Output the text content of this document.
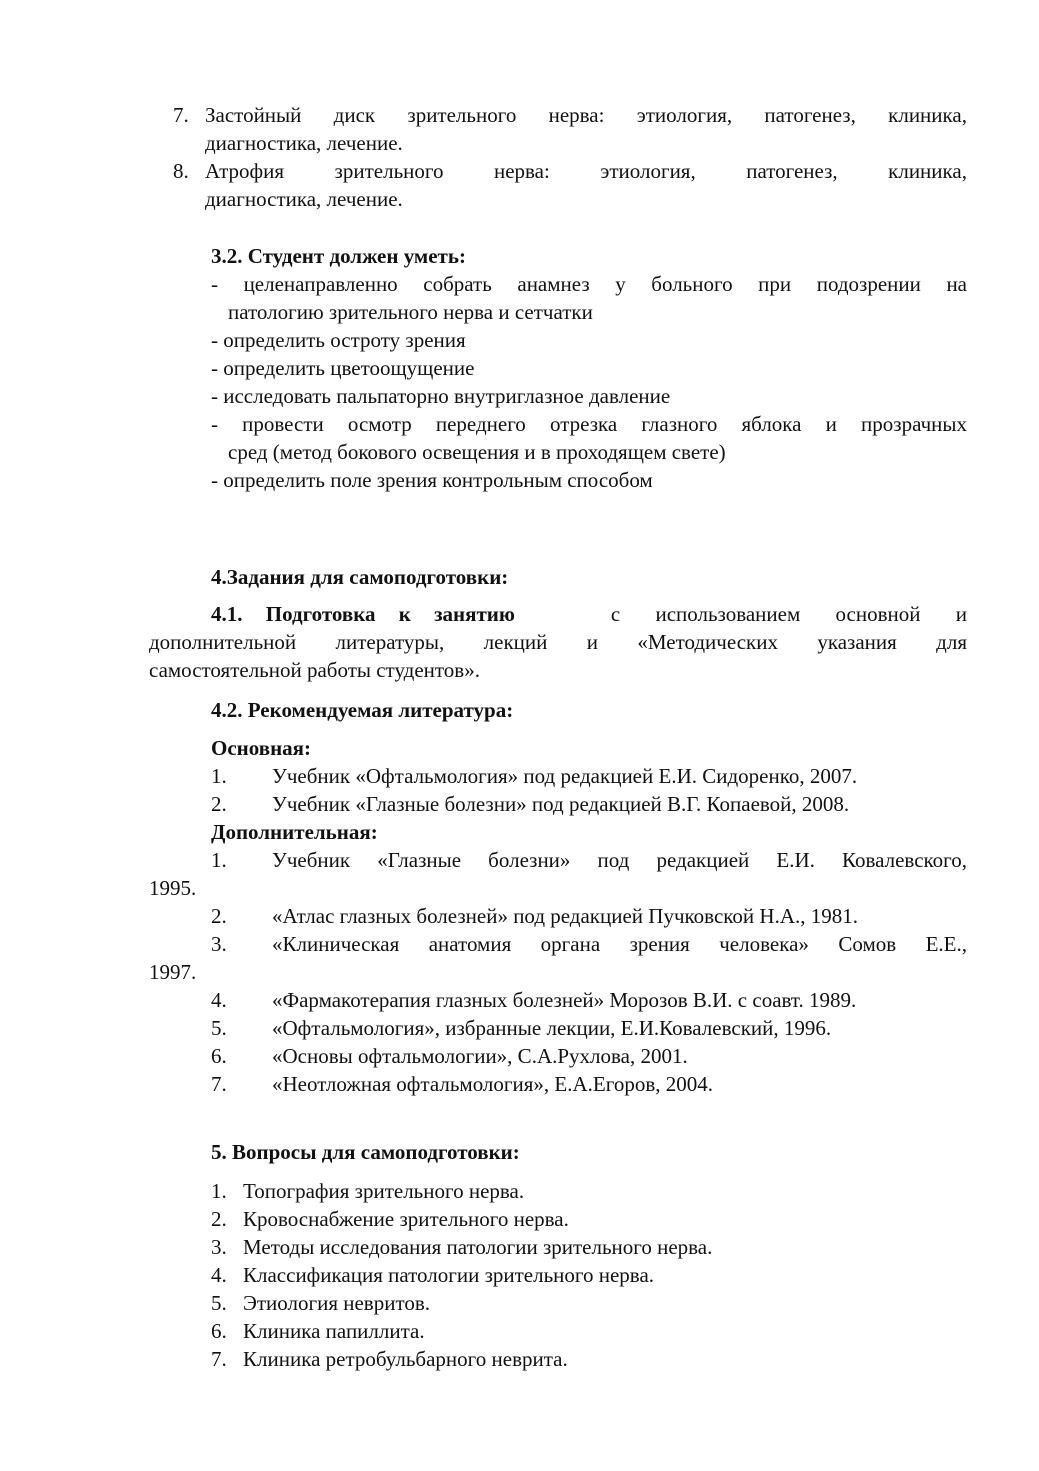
7. Застойный диск зрительного нерва: этиология, патогенез, клиника,
диагностика, лечение.
8. Атрофия зрительного нерва: этиология, патогенез, клиника,
диагностика, лечение.
3.2. Студент должен уметь:
- целенаправленно собрать анамнез у больного при подозрении на
патологию зрительного нерва и сетчатки
- определить остроту зрения
- определить цветоощущение
- исследовать пальпаторно внутриглазное давление
- провести осмотр переднего отрезка глазного яблока и прозрачных
сред (метод бокового освещения и в проходящем свете)
- определить поле зрения контрольным способом
4.Задания для самоподготовки:
4.1. Подготовка к занятию	с использованием основной и
дополнительной литературы, лекций и «Методических указания для
самостоятельной работы студентов».
4.2. Рекомендуемая литература:
Основная:
1. Учебник «Офтальмология» под редакцией Е.И. Сидоренко, 2007.
2. Учебник «Глазные болезни» под редакцией В.Г. Копаевой, 2008.
Дополнительная:
1. Учебник «Глазные болезни» под редакцией Е.И. Ковалевского,
1995.
2. «Атлас глазных болезней» под редакцией Пучковской Н.А., 1981.
3. «Клиническая анатомия органа зрения человека» Сомов Е.Е.,
1997.
4. «Фармакотерапия глазных болезней» Морозов В.И. с соавт. 1989.
5. «Офтальмология», избранные лекции, Е.И.Ковалевский, 1996.
6. «Основы офтальмологии», С.А.Рухлова, 2001.
7. «Неотложная офтальмология», Е.А.Егоров, 2004.
5. Вопросы для самоподготовки:
1. Топография зрительного нерва.
2. Кровоснабжение зрительного нерва.
3. Методы исследования патологии зрительного нерва.
4. Классификация патологии зрительного нерва.
5. Этиология невритов.
6. Клиника папиллита.
7. Клиника ретробульбарного неврита.
